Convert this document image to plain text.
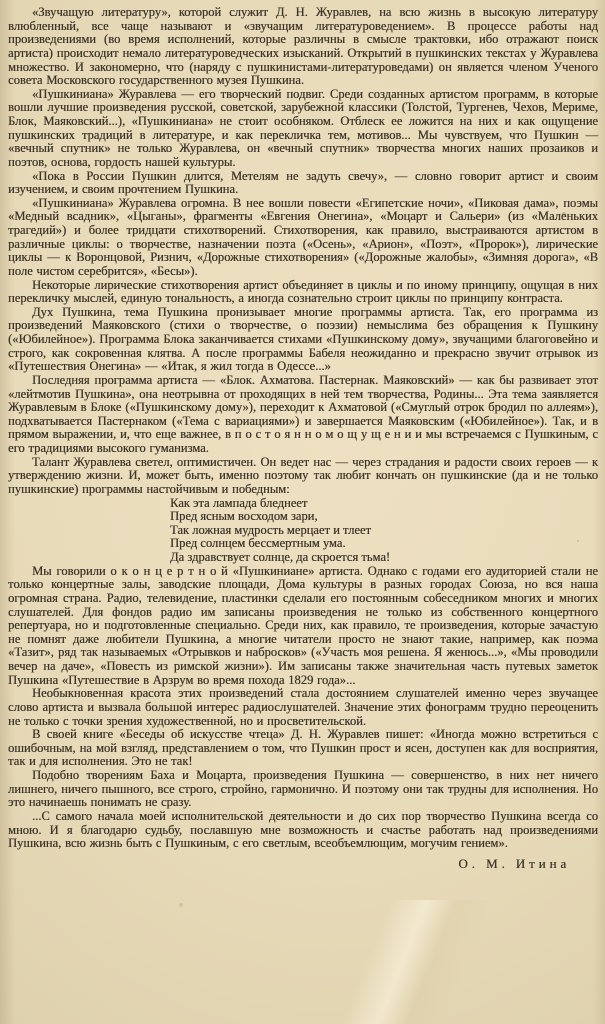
«Звучащую литературу», которой служит Д. Н. Журавлев, на всю жизнь в высокую литературу влюбленный, все чаще называют и «звучащим литературоведением». В процессе работы над произведениями (во время исполнений, которые различны в смысле трактовки, ибо отражают поиск артиста) происходит немало литературоведческих изысканий. Открытий в пушкинских текстах у Журавлева множество. И закономерно, что (наряду с пушкинистами-литературоведами) он является членом Ученого совета Московского государственного музея Пушкина.

«Пушкиниана» Журавлева — его творческий подвиг. Среди созданных артистом программ, в которые вошли лучшие произведения русской, советской, зарубежной классики (Толстой, Тургенев, Чехов, Мериме, Блок, Маяковский...), «Пушкиниана» не стоит особняком. Отблеск ее ложится на них и как ощущение пушкинских традиций в литературе, и как перекличка тем, мотивов... Мы чувствуем, что Пушкин — «вечный спутник» не только Журавлева, он «вечный спутник» творчества многих наших прозаиков и поэтов, основа, гордость нашей культуры.

«Пока в России Пушкин длится, Метелям не задуть свечу», — словно говорит артист и своим изучением, и своим прочтением Пушкина.

«Пушкиниана» Журавлева огромна. В нее вошли повести «Египетские ночи», «Пиковая дама», поэмы «Медный всадник», «Цыганы», фрагменты «Евгения Онегина», «Моцарт и Сальери» (из «Маленьких трагедий») и более тридцати стихотворений. Стихотворения, как правило, выстраиваются артистом в различные циклы: о творчестве, назначении поэта («Осень», «Арион», «Поэт», «Пророк»), лирические циклы — к Воронцовой, Ризнич, «Дорожные стихотворения» («Дорожные жалобы», «Зимняя дорога», «В поле чистом серебрится», «Бесы»).

Некоторые лирические стихотворения артист объединяет в циклы и по иному принципу, ощущая в них перекличку мыслей, единую тональность, а иногда сознательно строит циклы по принципу контраста.

Дух Пушкина, тема Пушкина пронизывает многие программы артиста. Так, его программа из произведений Маяковского (стихи о творчестве, о поэзии) немыслима без обращения к Пушкину («Юбилейное»). Программа Блока заканчивается стихами «Пушкинскому дому», звучащими благоговейно и строго, как сокровенная клятва. А после программы Бабеля неожиданно и прекрасно звучит отрывок из «Путешествия Онегина» — «Итак, я жил тогда в Одессе...»

Последняя программа артиста — «Блок. Ахматова. Пастернак. Маяковский» — как бы развивает этот «лейтмотив Пушкина», она неотрывна от проходящих в ней тем творчества, Родины... Эта тема заявляется Журавлевым в Блоке («Пушкинскому дому»), переходит к Ахматовой («Смуглый отрок бродил по аллеям»), подхватывается Пастернаком («Тема с вариациями») и завершается Маяковским («Юбилейное»). Так, и в прямом выражении, и, что еще важнее, в п о с т о я н н о м о щ у щ е н и и мы встречаемся с Пушкиным, с его традициями высокого гуманизма.

Талант Журавлева светел, оптимистичен. Он ведет нас — через страдания и радости своих героев — к утверждению жизни. И, может быть, именно поэтому так любит кончать он пушкинские (да и не только пушкинские) программы настойчивым и победным:

Как эта лампада бледнеет
Пред ясным восходом зари,
Так ложная мудрость мерцает и тлеет
Пред солнцем бессмертным ума.
Да здравствует солнце, да скроется тьма!

Мы говорили о к о н ц е р т н о й «Пушкиниане» артиста. Однако с годами его аудиторией стали не только концертные залы, заводские площади, Дома культуры в разных городах Союза, но вся наша огромная страна. Радио, телевидение, пластинки сделали его постоянным собеседником многих и многих слушателей. Для фондов радио им записаны произведения не только из собственного концертного репертуара, но и подготовленные специально. Среди них, как правило, те произведения, которые зачастую не помнят даже любители Пушкина, а многие читатели просто не знают такие, например, как поэма «Тазит», ряд так называемых «Отрывков и набросков» («Участь моя решена. Я женюсь...», «Мы проводили вечер на даче», «Повесть из римской жизни»). Им записаны также значительная часть путевых заметок Пушкина «Путешествие в Арзрум во время похода 1829 года»...

Необыкновенная красота этих произведений стала достоянием слушателей именно через звучащее слово артиста и вызвала большой интерес радиослушателей. Значение этих фонограмм трудно переоценить не только с точки зрения художественной, но и просветительской.

В своей книге «Беседы об искусстве чтеца» Д. Н. Журавлев пишет: «Иногда можно встретиться с ошибочным, на мой взгляд, представлением о том, что Пушкин прост и ясен, доступен как для восприятия, так и для исполнения. Это не так!

Подобно творениям Баха и Моцарта, произведения Пушкина — совершенство, в них нет ничего лишнего, ничего пышного, все строго, стройно, гармонично. И поэтому они так трудны для исполнения. Но это начинаешь понимать не сразу.

...С самого начала моей исполнительской деятельности и до сих пор творчество Пушкина всегда со мною. И я благодарю судьбу, пославшую мне возможность и счастье работать над произведениями Пушкина, всю жизнь быть с Пушкиным, с его светлым, всеобъемлющим, могучим гением».

О. М. Итина
